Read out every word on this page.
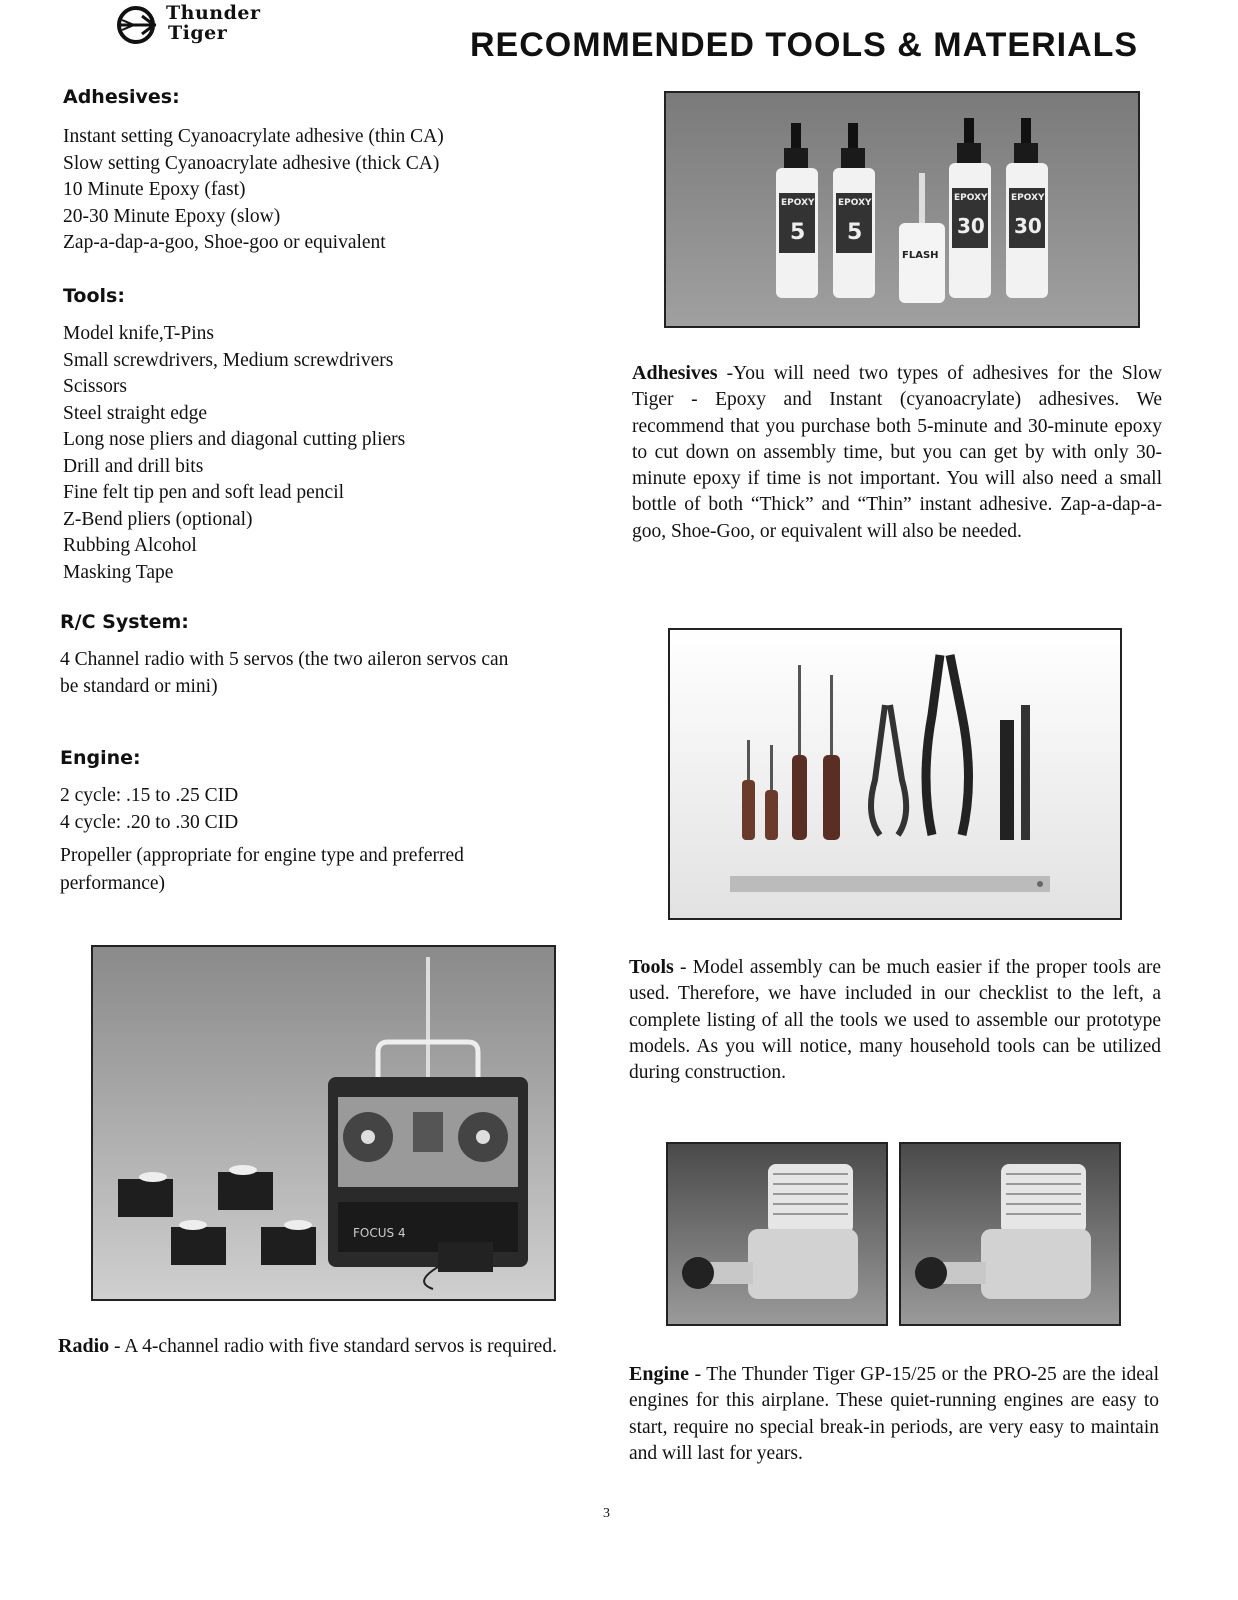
Thunder
Tiger	RECOMMENDED TOOLS & MATERIALS
Adhesives:
Instant setting Cyanoacrylate adhesive (thin CA)
Slow setting Cyanoacrylate adhesive (thick CA)
10 Minute Epoxy (fast)
20-30 Minute Epoxy (slow)
Zap-a-dap-a-goo, Shoe-goo or equivalent
Tools:
Model knife,T-Pins
Small screwdrivers, Medium screwdrivers
Scissors
Steel straight edge
Long nose pliers and diagonal cutting pliers
Drill and drill bits
Fine felt tip pen and soft lead pencil
Z-Bend pliers (optional)
Rubbing Alcohol
Masking Tape
R/C System:
4 Channel radio with 5 servos (the two aileron servos can be standard or mini)
Engine:
2 cycle: .15 to .25 CID
4 cycle: .20 to .30 CID
Propeller (appropriate for engine type and preferred performance)
FOCUS 4
Radio - A 4-channel radio with five standard servos is required.
EPOXY
5
EPOXY
5
FLASH
EPOXY
30
EPOXY
30
Adhesives -You will need two types of adhesives for the Slow Tiger - Epoxy and Instant (cyanoacrylate) adhesives. We recommend that you purchase both 5-minute and 30-minute epoxy to cut down on assembly time, but you can get by with only 30-minute epoxy if time is not important. You will also need a small bottle of both “Thick” and “Thin” instant adhesive. Zap-a-dap-a-goo, Shoe-Goo, or equivalent will also be needed.
Tools - Model assembly can be much easier if the proper tools are used. Therefore, we have included in our checklist to the left, a complete listing of all the tools we used to assemble our prototype models. As you will notice, many household tools can be utilized during construction.
Engine - The Thunder Tiger GP-15/25 or the PRO-25 are the ideal engines for this airplane. These quiet-running engines are easy to start, require no special break-in periods, are very easy to maintain and will last for years.
3
